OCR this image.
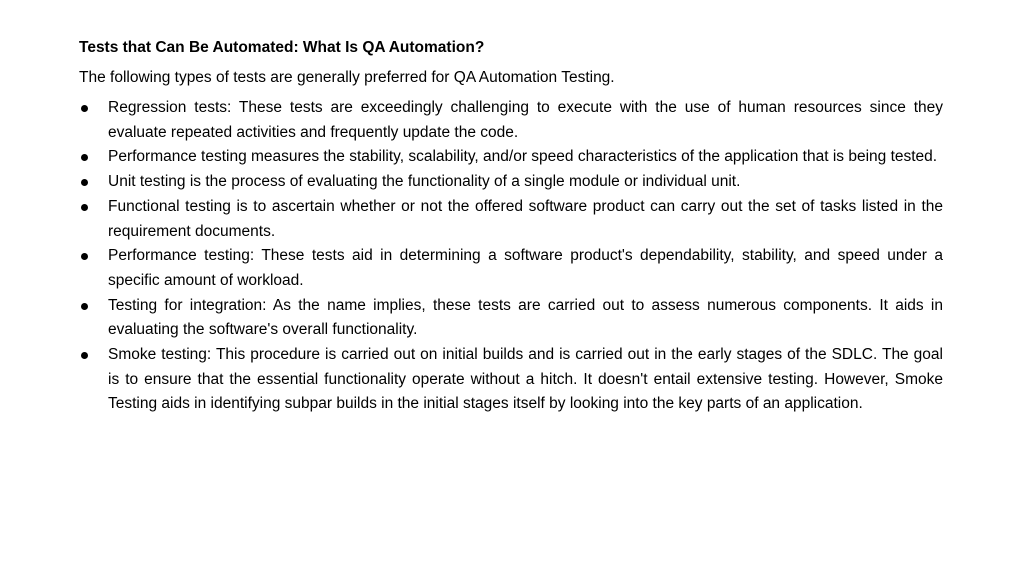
Tests that Can Be Automated: What Is QA Automation?
The following types of tests are generally preferred for QA Automation Testing.
Regression tests: These tests are exceedingly challenging to execute with the use of human resources since they evaluate repeated activities and frequently update the code.
Performance testing measures the stability, scalability, and/or speed characteristics of the application that is being tested.
Unit testing is the process of evaluating the functionality of a single module or individual unit.
Functional testing is to ascertain whether or not the offered software product can carry out the set of tasks listed in the requirement documents.
Performance testing: These tests aid in determining a software product's dependability, stability, and speed under a specific amount of workload.
Testing for integration: As the name implies, these tests are carried out to assess numerous components. It aids in evaluating the software's overall functionality.
Smoke testing: This procedure is carried out on initial builds and is carried out in the early stages of the SDLC. The goal is to ensure that the essential functionality operate without a hitch. It doesn't entail extensive testing. However, Smoke Testing aids in identifying subpar builds in the initial stages itself by looking into the key parts of an application.
